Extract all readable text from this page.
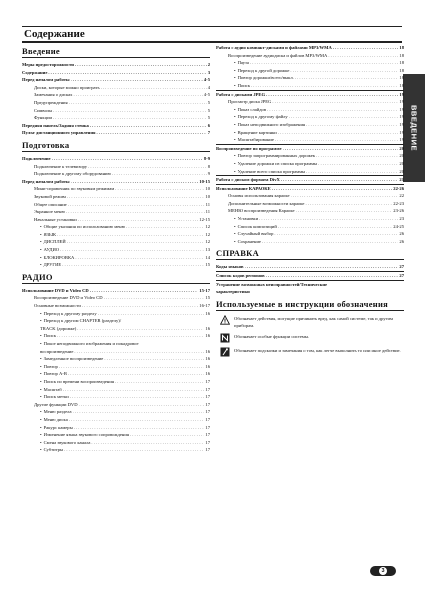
Содержание
ВВЕДЕНИЕ
Введение
Меры предосторожности . . .	2
Содержание . . .	3
Перед началом работы . . .	4-5
Диски, которые можно проиграть . . .	4
Замечания о дисках . . .	4-5
Предупреждения . . .	5
Символы . . .	5
Функции . . .	5
Передняя панель/Задняя стенка . . .	6
Пульт дистанционного управления . . .	7
Подготовка
Подключение . . .	8-9
Подключение к телевизору . . .	8
Подключение к другому оборудованию . . .	9
Перед началом работы . . .	10-15
Мини-справочник по звуковым режимам . . .	10
Звуковой режим . . .	10
Общее описание . . .	11
Экранное меню . . .	11
Начальные установки . . .	12-15
• Общие указания по использованию меню . . .	12
• ЯЗЫК . . .	12
• ДИСПЛЕЙ . . .	12
• АУДИО . . .	13
• БЛОКИРОВКА . . .	14
• ДРУГИЕ . . .	15
РАДИО
Использование DVD и Video CD . . .	15-17
Воспроизведение DVD и Video CD . . .	15
Основные возможности . . .	16-17
• Переход к другому разделу . . .	16
• Переход к другим CHAPTER (разделу)/
TRACK (дорожке) . . .	16
• Поиск . . .	16
• Покое неподвижного изображения и покадровое
воспроизведение . . .	16
• Замедленное воспроизведение . . .	16
• Повтор . . .	16
• Повтор A-B . . .	16
• Поиск по времени воспроизведения . . .	17
• Масштаб . . .	17
• Поиск метки . . .	17
Другие функции DVD . . .	17
• Меню раздела . . .	17
• Меню диска . . .	17
• Ракурс камеры . . .	17
• Изменение языка звукового сопровождения . . .	17
• Смена звукового канала . . .	17
• Субтитры . . .	17
Работа с аудио компакт-дисками и файлами MP3/WMA . . .	18
Воспроизведение аудиодиска и файлов MP3/WMA . . .	18
• Пауза . . .	18
• Переход к другой дорожке . . .	18
• Повтор дорожки/всего/выкл. . . .	18
• Поиск . . .	18
Работа с дисками JPEG . . .	19
Просмотр диска JPEG . . .	19
• Показ слайдов . . .	19
• Переход к другому файлу . . .	19
• Показ неподвижного изображения . . .	19
• Вращение картинки . . .	19
• Масштабирование . . .	19
Воспроизведение по программе . . .	20
• Повтор запрограммированных дорожек . . .	20
• Удаление дорожки из списка программы . . .	20
• Удаление всего списка программы . . .	20
Работа с диском формата DivX . . .	21
Использование КАРАОКЕ . . .	22-26
Основы использования караоке . . .	22
Дополнительные возможности караоке . . .	22-23
МЕНЮ воспроизведения Караоке . . .	23-26
• Установки . . .	23
• Список композиций . . .	24-25
• Случайный выбор . . .	26
• Сохранение . . .	26
СПРАВКА
Коды языков . . .	27
Список кодов регионов . . .	27
Устранение возможных неисправностей/Технические
характеристики
Используемые в инструкции обозначения
Обозначает действия, могущие причинить вред, как самой системе, так и другим приборам.
Обозначает особые функции системы.
Обозначает подсказки и замечания о том, как легче выполнить то или иное действие.
3
